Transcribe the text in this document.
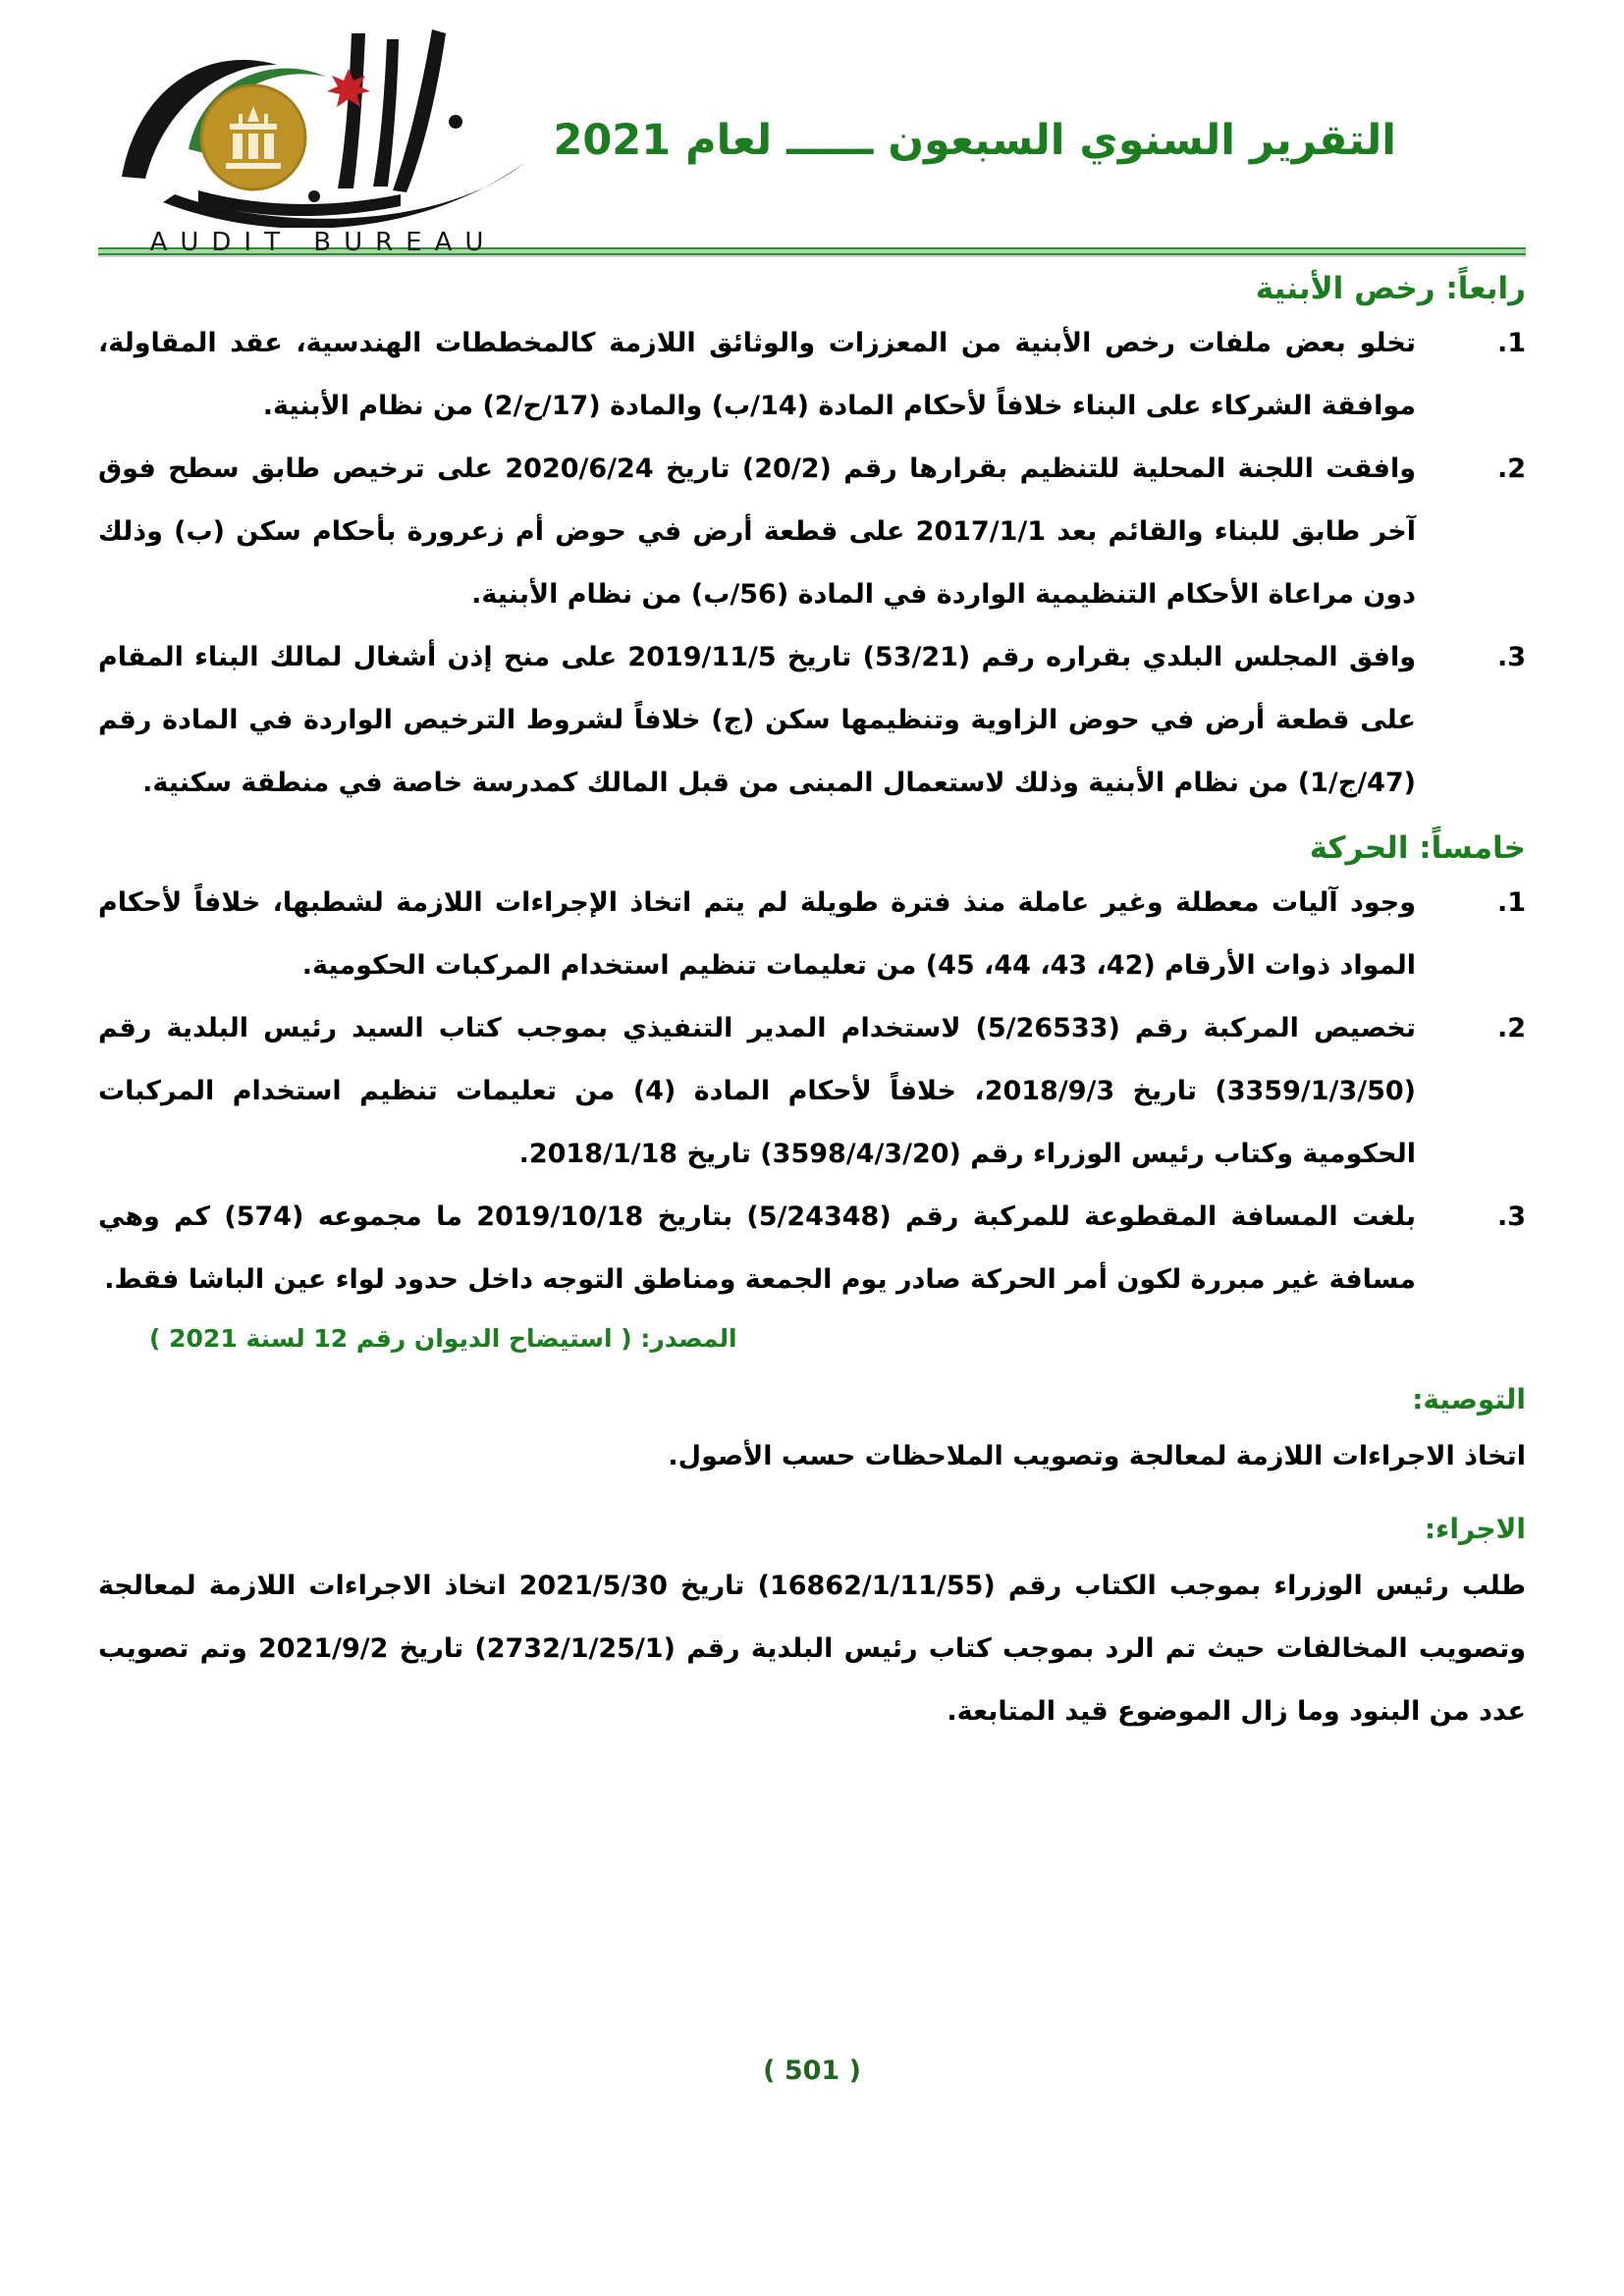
AUDIT BUREAU
التقرير السنوي السبعون ــــــ لعام 2021
رابعاً: رخص الأبنية
1.
تخلو بعض ملفات رخص الأبنية من المعززات والوثائق اللازمة كالمخططات الهندسية، عقد المقاولة، موافقة الشركاء على البناء خلافاً لأحكام المادة (14/ب) والمادة (17/ح/2) من نظام الأبنية.
2.
وافقت اللجنة المحلية للتنظيم بقرارها رقم (20/2) تاريخ 2020/6/24 على ترخيص طابق سطح فوق آخر طابق للبناء والقائم بعد 2017/1/1 على قطعة أرض في حوض أم زعرورة بأحكام سكن (ب) وذلك دون مراعاة الأحكام التنظيمية الواردة في المادة (56/ب) من نظام الأبنية.
3.
وافق المجلس البلدي بقراره رقم (53/21) تاريخ 2019/11/5 على منح إذن أشغال لمالك البناء المقام على قطعة أرض في حوض الزاوية وتنظيمها سكن (ج) خلافاً لشروط الترخيص الواردة في المادة رقم (47/ج/1) من نظام الأبنية وذلك لاستعمال المبنى من قبل المالك كمدرسة خاصة في منطقة سكنية.
خامساً: الحركة
1.
وجود آليات معطلة وغير عاملة منذ فترة طويلة لم يتم اتخاذ الإجراءات اللازمة لشطبها، خلافاً لأحكام المواد ذوات الأرقام (42، 43، 44، 45) من تعليمات تنظيم استخدام المركبات الحكومية.
2.
تخصيص المركبة رقم (5/26533) لاستخدام المدير التنفيذي بموجب كتاب السيد رئيس البلدية رقم (3359/1/3/50) تاريخ 2018/9/3، خلافاً لأحكام المادة (4) من تعليمات تنظيم استخدام المركبات الحكومية وكتاب رئيس الوزراء رقم (3598/4/3/20) تاريخ 2018/1/18.
3.
بلغت المسافة المقطوعة للمركبة رقم (5/24348) بتاريخ 2019/10/18 ما مجموعه (574) كم وهي مسافة غير مبررة لكون أمر الحركة صادر يوم الجمعة ومناطق التوجه داخل حدود لواء عين الباشا فقط.

المصدر: ( استيضاح الديوان رقم 12 لسنة 2021 )

التوصية:

اتخاذ الاجراءات اللازمة لمعالجة وتصويب الملاحظات حسب الأصول.

الاجراء:

طلب رئيس الوزراء بموجب الكتاب رقم (16862/1/11/55) تاريخ 2021/5/30 اتخاذ الاجراءات اللازمة لمعالجة وتصويب المخالفات حيث تم الرد بموجب كتاب رئيس البلدية رقم (2732/1/25/1) تاريخ 2021/9/2 وتم تصويب عدد من البنود وما زال الموضوع قيد المتابعة.

( 501 )
